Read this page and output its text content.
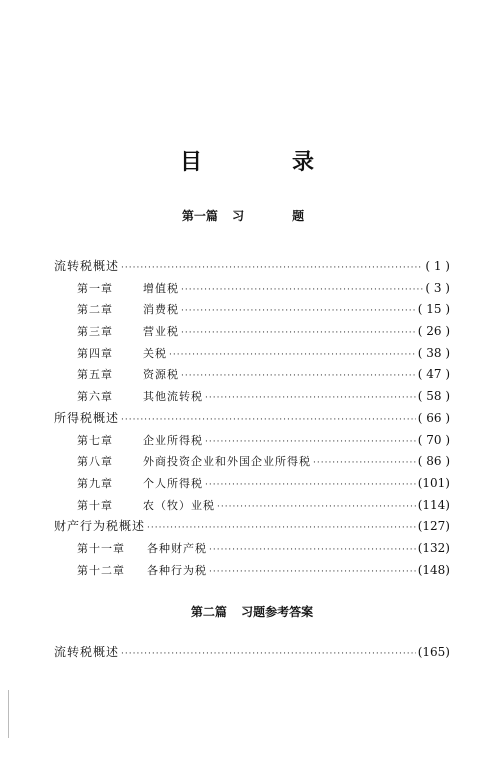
目　录
第一篇 习　题
流转税概述 ·····	( 1 )
第一章	增值税 ·····	( 3 )
第二章	消费税 ·····	( 15 )
第三章	营业税 ·····	( 26 )
第四章	关税 ·····	( 38 )
第五章	资源税 ·····	( 47 )
第六章	其他流转税 ·····	( 58 )
所得税概述 ·····	( 66 )
第七章	企业所得税 ·····	( 70 )
第八章	外商投资企业和外国企业所得税 ·····	( 86 )
第九章	个人所得税 ·····	(101)
第十章	农（牧）业税 ·····	(114)
财产行为税概述 ·····	(127)
第十一章	各种财产税 ·····	(132)
第十二章	各种行为税 ·····	(148)
第二篇 习题参考答案
流转税概述 ·····	(165)
